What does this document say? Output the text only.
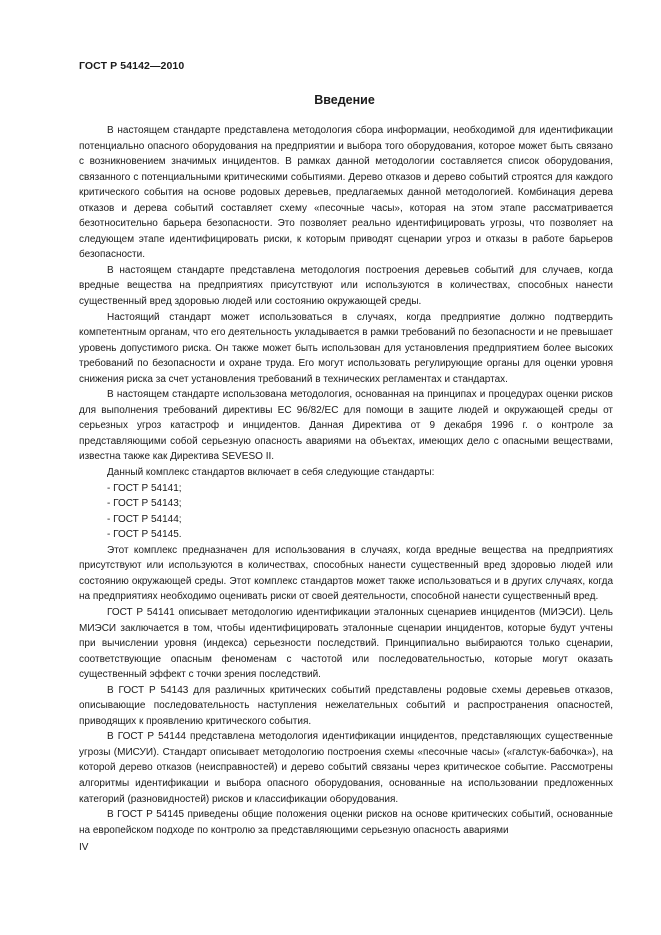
ГОСТ Р 54142—2010
Введение

В настоящем стандарте представлена методология сбора информации, необходимой для идентификации потенциально опасного оборудования на предприятии и выбора того оборудования, которое может быть связано с возникновением значимых инцидентов. В рамках данной методологии составляется список оборудования, связанного с потенциальными критическими событиями. Дерево отказов и дерево событий строятся для каждого критического события на основе родовых деревьев, предлагаемых данной методологией. Комбинация дерева отказов и дерева событий составляет схему «песочные часы», которая на этом этапе рассматривается безотносительно барьера безопасности. Это позволяет реально идентифицировать угрозы, что позволяет на следующем этапе идентифицировать риски, к которым приводят сценарии угроз и отказы в работе барьеров безопасности.

В настоящем стандарте представлена методология построения деревьев событий для случаев, когда вредные вещества на предприятиях присутствуют или используются в количествах, способных нанести существенный вред здоровью людей или состоянию окружающей среды.

Настоящий стандарт может использоваться в случаях, когда предприятие должно подтвердить компетентным органам, что его деятельность укладывается в рамки требований по безопасности и не превышает уровень допустимого риска. Он также может быть использован для установления предприятием более высоких требований по безопасности и охране труда. Его могут использовать регулирующие органы для оценки уровня снижения риска за счет установления требований в технических регламентах и стандартах.

В настоящем стандарте использована методология, основанная на принципах и процедурах оценки рисков для выполнения требований директивы ЕС 96/82/ЕС для помощи в защите людей и окружающей среды от серьезных угроз катастроф и инцидентов. Данная Директива от 9 декабря 1996 г. о контроле за представляющими собой серьезную опасность авариями на объектах, имеющих дело с опасными веществами, известна также как Директива SEVESO II.

Данный комплекс стандартов включает в себя следующие стандарты:

- ГОСТ Р 54141;

- ГОСТ Р 54143;

- ГОСТ Р 54144;

- ГОСТ Р 54145.

Этот комплекс предназначен для использования в случаях, когда вредные вещества на предприятиях присутствуют или используются в количествах, способных нанести существенный вред здоровью людей или состоянию окружающей среды. Этот комплекс стандартов может также использоваться и в других случаях, когда на предприятиях необходимо оценивать риски от своей деятельности, способной нанести существенный вред.

ГОСТ Р 54141 описывает методологию идентификации эталонных сценариев инцидентов (МИЭСИ). Цель МИЭСИ заключается в том, чтобы идентифицировать эталонные сценарии инцидентов, которые будут учтены при вычислении уровня (индекса) серьезности последствий. Принципиально выбираются только сценарии, соответствующие опасным феноменам с частотой или последовательностью, которые могут оказать существенный эффект с точки зрения последствий.

В ГОСТ Р 54143 для различных критических событий представлены родовые схемы деревьев отказов, описывающие последовательность наступления нежелательных событий и распространения опасностей, приводящих к проявлению критического события.

В ГОСТ Р 54144 представлена методология идентификации инцидентов, представляющих существенные угрозы (МИСУИ). Стандарт описывает методологию построения схемы «песочные часы» («галстук-бабочка»), на которой дерево отказов (неисправностей) и дерево событий связаны через критическое событие. Рассмотрены алгоритмы идентификации и выбора опасного оборудования, основанные на использовании предложенных категорий (разновидностей) рисков и классификации оборудования.

В ГОСТ Р 54145 приведены общие положения оценки рисков на основе критических событий, основанные на европейском подходе по контролю за представляющими серьезную опасность авариями

IV
